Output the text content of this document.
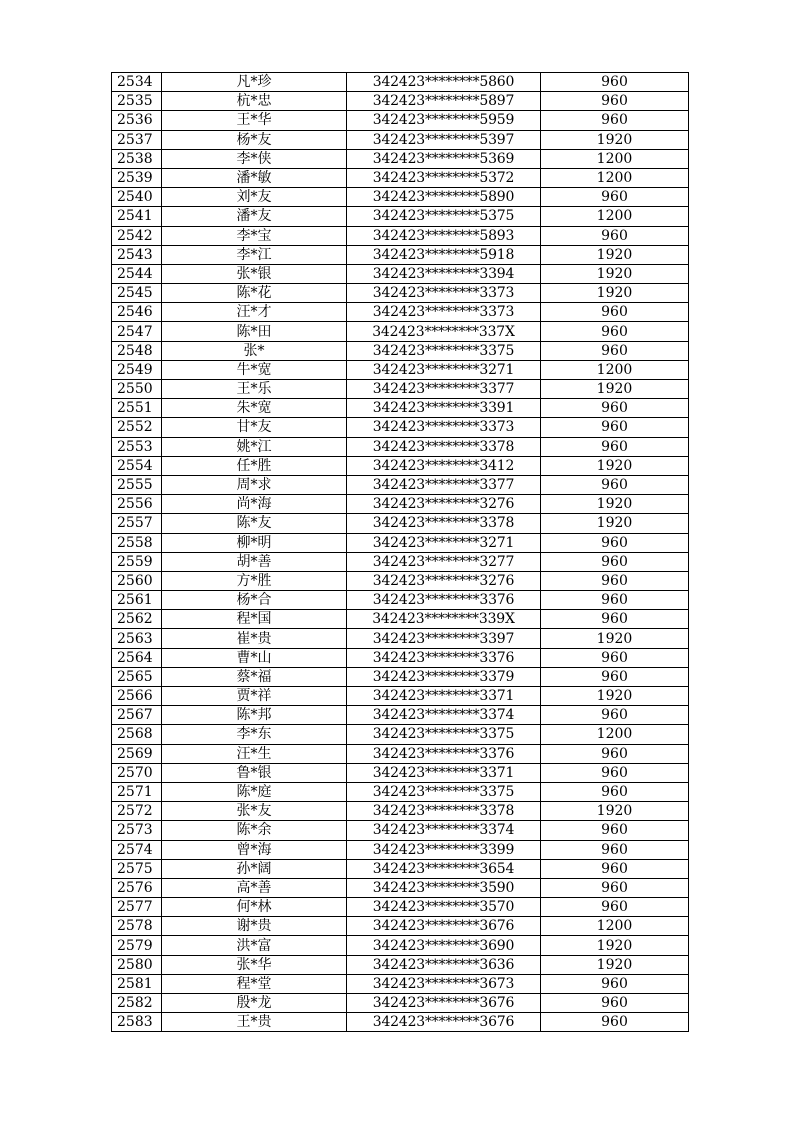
2534	凡*珍	342423********5860	960
2535	杭*忠	342423********5897	960
2536	王*华	342423********5959	960
2537	杨*友	342423********5397	1920
2538	李*侠	342423********5369	1200
2539	潘*敏	342423********5372	1200
2540	刘*友	342423********5890	960
2541	潘*友	342423********5375	1200
2542	李*宝	342423********5893	960
2543	李*江	342423********5918	1920
2544	张*银	342423********3394	1920
2545	陈*花	342423********3373	1920
2546	汪*才	342423********3373	960
2547	陈*田	342423********337X	960
2548	张*	342423********3375	960
2549	牛*宽	342423********3271	1200
2550	王*乐	342423********3377	1920
2551	朱*宽	342423********3391	960
2552	甘*友	342423********3373	960
2553	姚*江	342423********3378	960
2554	任*胜	342423********3412	1920
2555	周*求	342423********3377	960
2556	尚*海	342423********3276	1920
2557	陈*友	342423********3378	1920
2558	柳*明	342423********3271	960
2559	胡*善	342423********3277	960
2560	方*胜	342423********3276	960
2561	杨*合	342423********3376	960
2562	程*国	342423********339X	960
2563	崔*贵	342423********3397	1920
2564	曹*山	342423********3376	960
2565	蔡*福	342423********3379	960
2566	贾*祥	342423********3371	1920
2567	陈*邦	342423********3374	960
2568	李*东	342423********3375	1200
2569	汪*生	342423********3376	960
2570	鲁*银	342423********3371	960
2571	陈*庭	342423********3375	960
2572	张*友	342423********3378	1920
2573	陈*余	342423********3374	960
2574	曾*海	342423********3399	960
2575	孙*阔	342423********3654	960
2576	高*善	342423********3590	960
2577	何*林	342423********3570	960
2578	谢*贵	342423********3676	1200
2579	洪*富	342423********3690	1920
2580	张*华	342423********3636	1920
2581	程*堂	342423********3673	960
2582	殷*龙	342423********3676	960
2583	王*贵	342423********3676	960
